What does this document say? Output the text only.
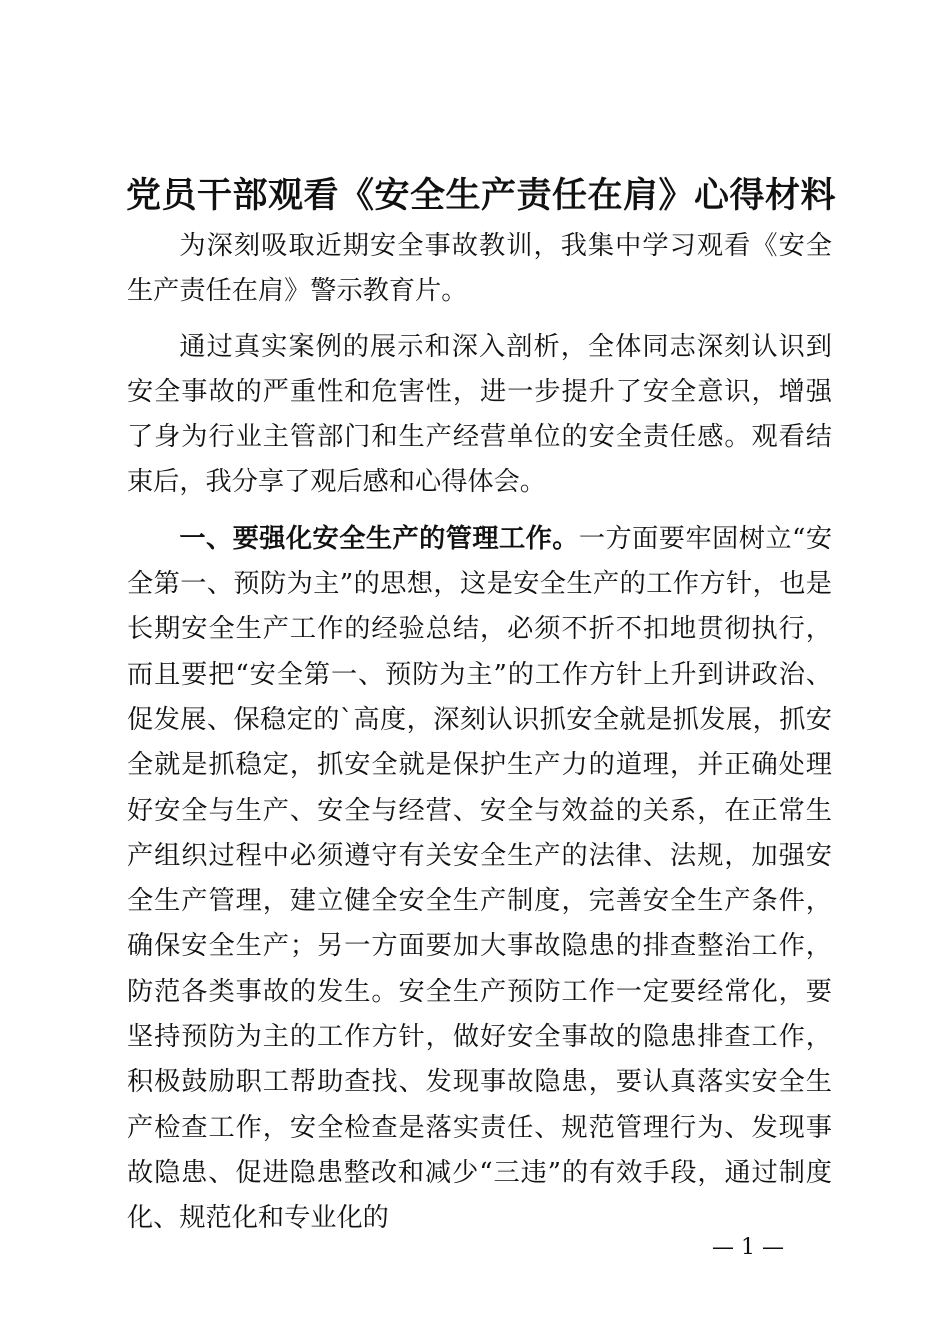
党员干部观看《安全生产责任在肩》心得材料

为深刻吸取近期安全事故教训，我集中学习观看《安全生产责任在肩》警示教育片。

通过真实案例的展示和深入剖析，全体同志深刻认识到安全事故的严重性和危害性，进一步提升了安全意识，增强了身为行业主管部门和生产经营单位的安全责任感。观看结束后，我分享了观后感和心得体会。

一、要强化安全生产的管理工作。一方面要牢固树立“安全第一、预防为主”的思想，这是安全生产的工作方针，也是长期安全生产工作的经验总结，必须不折不扣地贯彻执行，而且要把“安全第一、预防为主”的工作方针上升到讲政治、促发展、保稳定的`高度，深刻认识抓安全就是抓发展，抓安全就是抓稳定，抓安全就是保护生产力的道理，并正确处理好安全与生产、安全与经营、安全与效益的关系，在正常生产组织过程中必须遵守有关安全生产的法律、法规，加强安全生产管理，建立健全安全生产制度，完善安全生产条件，确保安全生产；另一方面要加大事故隐患的排查整治工作，防范各类事故的发生。安全生产预防工作一定要经常化，要坚持预防为主的工作方针，做好安全事故的隐患排查工作，积极鼓励职工帮助查找、发现事故隐患，要认真落实安全生产检查工作，安全检查是落实责任、规范管理行为、发现事故隐患、促进隐患整改和减少“三违”的有效手段，通过制度化、规范化和专业化的

— 1 —
